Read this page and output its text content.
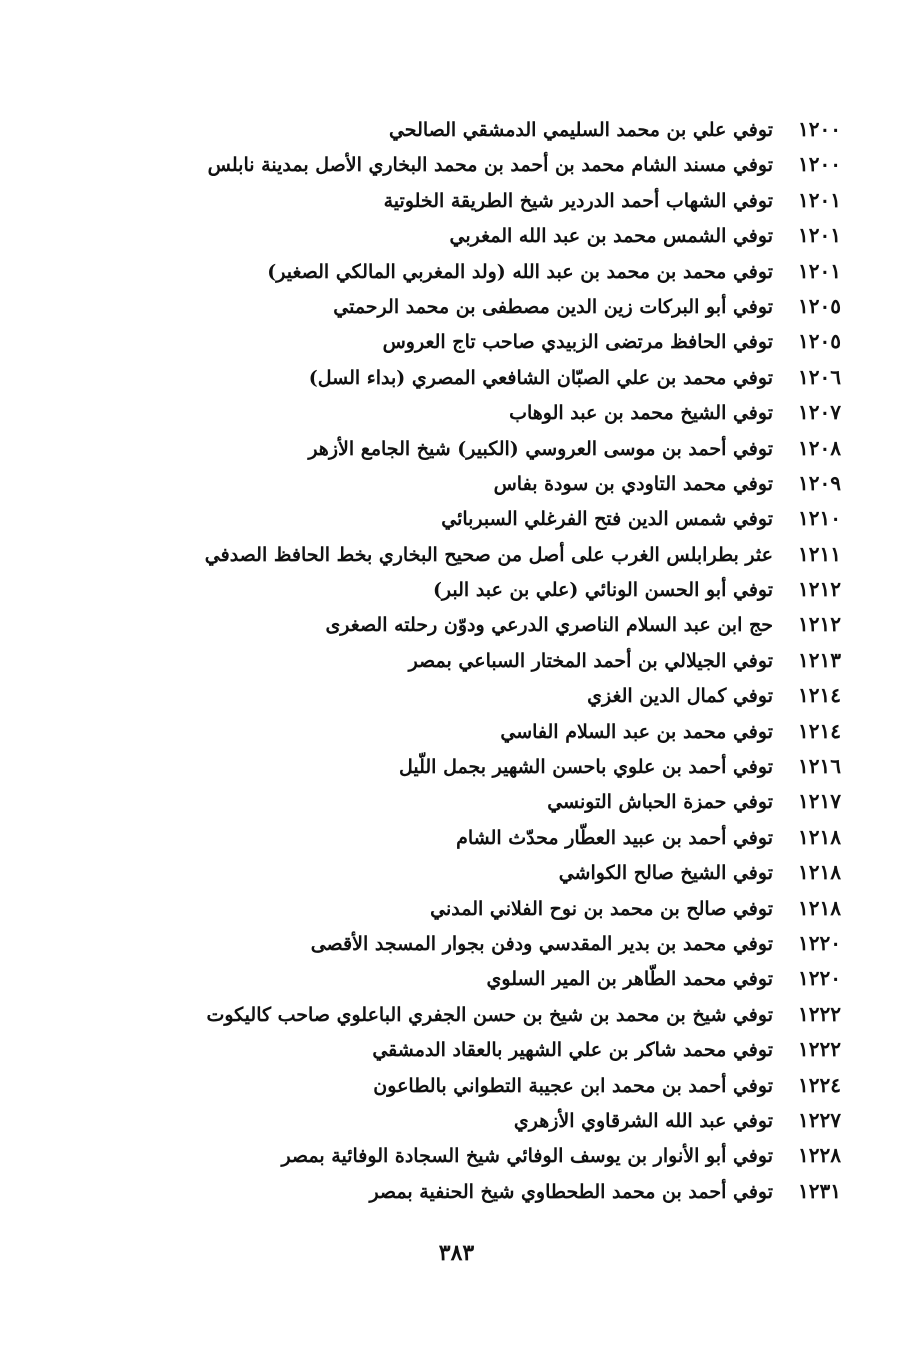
١٢٠٠
توفي علي بن محمد السليمي الدمشقي الصالحي
١٢٠٠
توفي مسند الشام محمد بن أحمد بن محمد البخاري الأصل بمدينة نابلس
١٢٠١
توفي الشهاب أحمد الدردير شيخ الطريقة الخلوتية
١٢٠١
توفي الشمس محمد بن عبد الله المغربي
١٢٠١
توفي محمد بن محمد بن عبد الله (ولد المغربي المالكي الصغير)
١٢٠٥
توفي أبو البركات زين الدين مصطفى بن محمد الرحمتي
١٢٠٥
توفي الحافظ مرتضى الزبيدي صاحب تاج العروس
١٢٠٦
توفي محمد بن علي الصبّان الشافعي المصري (بداء السل)
١٢٠٧
توفي الشيخ محمد بن عبد الوهاب
١٢٠٨
توفي أحمد بن موسى العروسي (الكبير) شيخ الجامع الأزهر
١٢٠٩
توفي محمد التاودي بن سودة بفاس
١٢١٠
توفي شمس الدين فتح الفرغلي السبربائي
١٢١١
عثر بطرابلس الغرب على أصل من صحيح البخاري بخط الحافظ الصدفي
١٢١٢
توفي أبو الحسن الونائي (علي بن عبد البر)
١٢١٢
حج ابن عبد السلام الناصري الدرعي ودوّن رحلته الصغرى
١٢١٣
توفي الجيلالي بن أحمد المختار السباعي بمصر
١٢١٤
توفي كمال الدين الغزي
١٢١٤
توفي محمد بن عبد السلام الفاسي
١٢١٦
توفي أحمد بن علوي باحسن الشهير بجمل اللّيل
١٢١٧
توفي حمزة الحباش التونسي
١٢١٨
توفي أحمد بن عبيد العطّار محدّث الشام
١٢١٨
توفي الشيخ صالح الكواشي
١٢١٨
توفي صالح بن محمد بن نوح الفلاني المدني
١٢٢٠
توفي محمد بن بدير المقدسي ودفن بجوار المسجد الأقصى
١٢٢٠
توفي محمد الطّاهر بن المير السلوي
١٢٢٢
توفي شيخ بن محمد بن شيخ بن حسن الجفري الباعلوي صاحب كاليكوت
١٢٢٢
توفي محمد شاكر بن علي الشهير بالعقاد الدمشقي
١٢٢٤
توفي أحمد بن محمد ابن عجيبة التطواني بالطاعون
١٢٢٧
توفي عبد الله الشرقاوي الأزهري
١٢٢٨
توفي أبو الأنوار بن يوسف الوفائي شيخ السجادة الوفائية بمصر
١٢٣١
توفي أحمد بن محمد الطحطاوي شيخ الحنفية بمصر
٣٨٣
